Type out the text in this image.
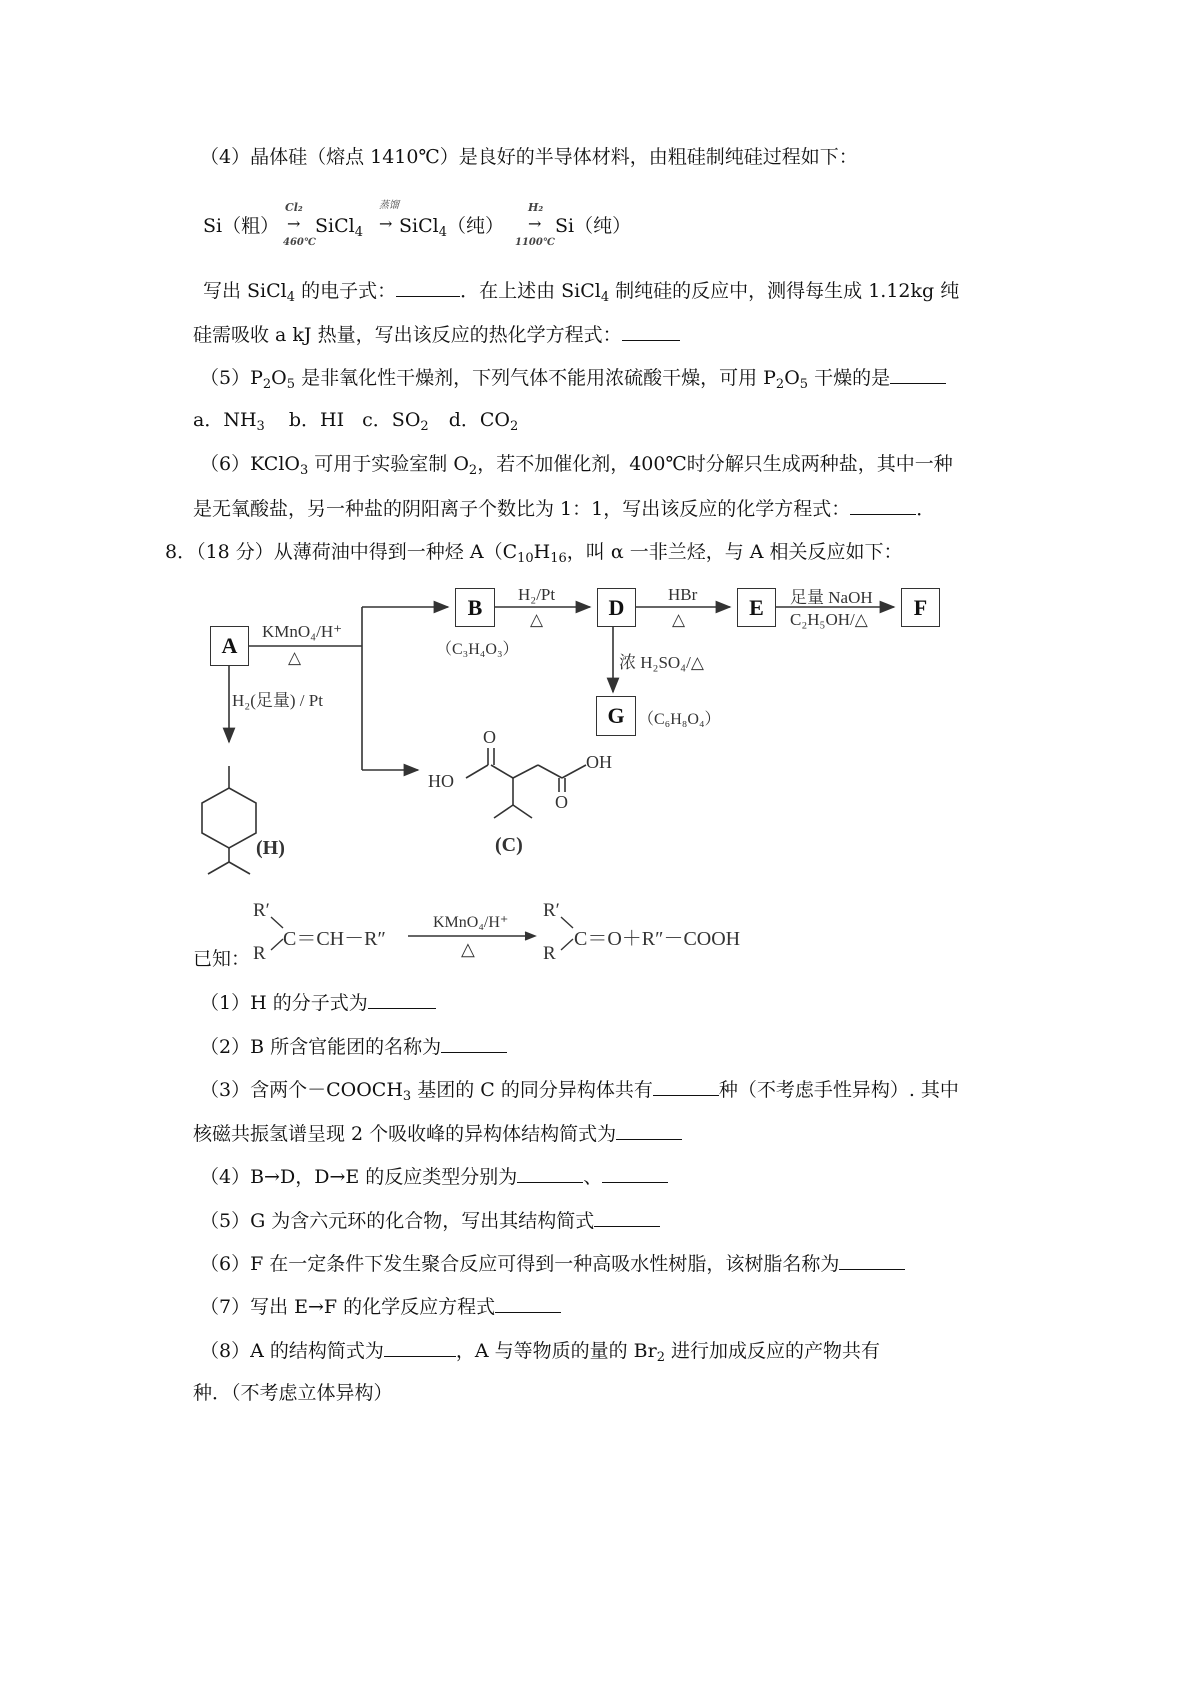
（4）晶体硅（熔点 1410℃）是良好的半导体材料，由粗硅制纯硅过程如下：
Si（粗）
Cl₂
→
460℃
SiCl$_4$
蒸馏
→ SiCl$_4$（纯）
H₂
→
1100℃
Si（纯）
写出 SiCl$_4$ 的电子式：	．在上述由 SiCl$_4$ 制纯硅的反应中，测得每生成 1.12kg 纯
硅需吸收 a kJ 热量，写出该反应的热化学方程式：
$(5)P_2O_5$ 是非氧化性干燥剂，下列气体不能用浓硫酸干燥，可用 $P_2O_5$ 干燥的是
a．$NH_3$ b．HI c．$SO_2$ d．$CO_2$
（6）KClO$_3$ 可用于实验室制 $O_2$，若不加催化剂，400℃时分解只生成两种盐，其中一种
是无氧酸盐，另一种盐的阴阳离子个数比为 1：1，写出该反应的化学方程式：	．
8．（18 分）从薄荷油中得到一种烃 $A(C_{10}H_{16}$，叫 α 一非兰烃，与 A 相关反应如下：
A
B	D	E	F
G
KMnO₄/H⁺
△
H₂/Pt
△
（C₃H₄O₃）
HBr
△
足量 NaOH
C₂H₅OH/△
浓 H₂SO₄/△
（C₆H₈O₄）
H₂(足量) / Pt
(H)
HO
O
OH
O
(C)
R′
R
C＝CH－R″
KMnO₄/H⁺
△
R′
R
C＝O＋R″－COOH
已知：
（1）H 的分子式为
（2）B 所含官能团的名称为
（3）含两个$-COOCH_3$ 基团的 C 的同分异构体共有	种（不考虑手性异构）. 其中
核磁共振氢谱呈现 2 个吸收峰的异构体结构简式为
（4）B→D，D→E 的反应类型分别为	、
（5）G 为含六元环的化合物，写出其结构简式
（6）F 在一定条件下发生聚合反应可得到一种高吸水性树脂，该树脂名称为
（7）写出 E→F 的化学反应方程式
（8）A 的结构简式为	，A 与等物质的量的 $Br_2$ 进行加成反应的产物共有
种．（不考虑立体异构）
